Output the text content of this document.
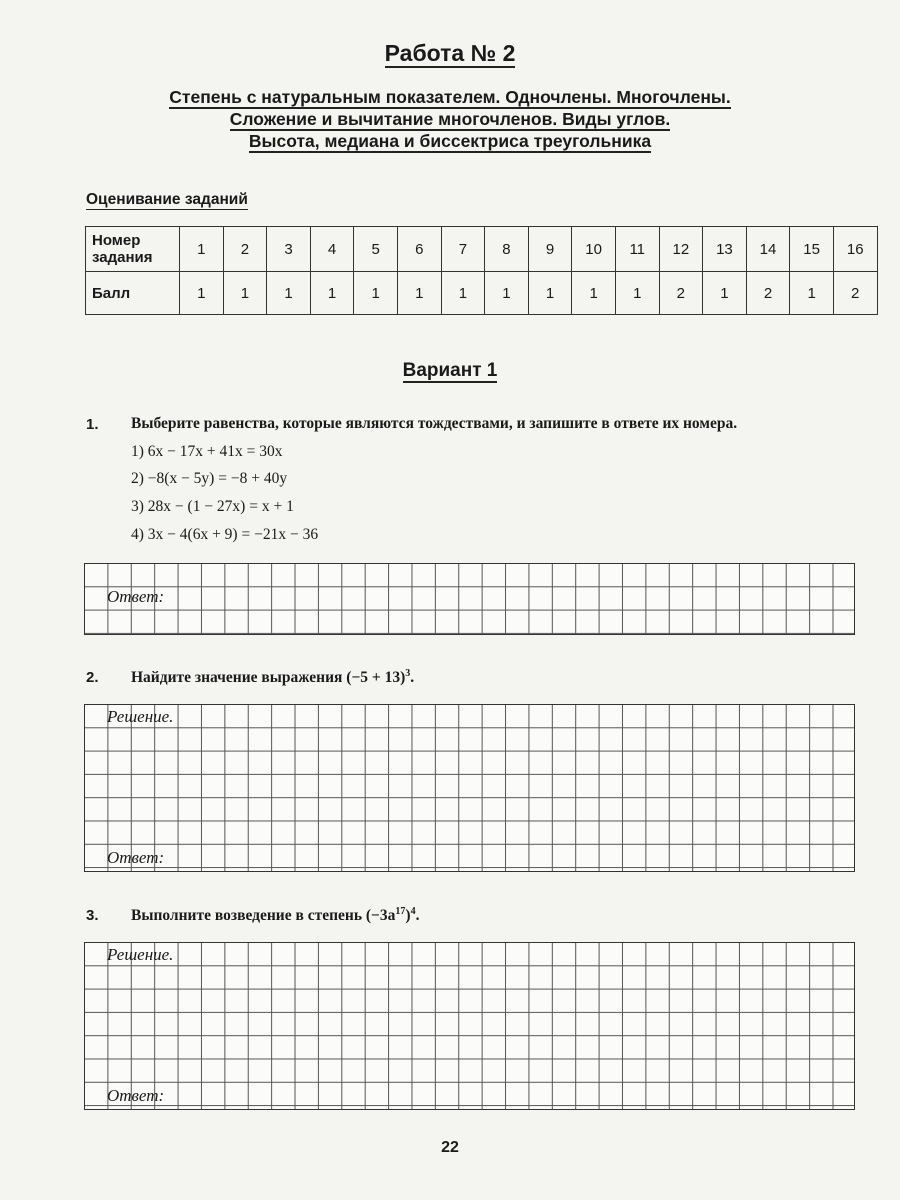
Работа № 2
Степень с натуральным показателем. Одночлены. Многочлены.
Сложение и вычитание многочленов. Виды углов.
Высота, медиана и биссектриса треугольника
Оценивание заданий
Номер задания	1	2	3	4	5	6	7	8	9	10	11	12	13	14	15	16
Балл	1	1	1	1	1	1	1	1	1	1	1	2	1	2	1	2
Вариант 1
1. Выберите равенства, которые являются тождествами, и запишите в ответе их номера.
1) 6x − 17x + 41x = 30x
2) −8(x − 5y) = −8 + 40y
3) 28x − (1 − 27x) = x + 1
4) 3x − 4(6x + 9) = −21x − 36
Ответ:
2. Найдите значение выражения $(-5 + 13)^3$.
Решение.
Ответ:
3. Выполните возведение в степень $(-3a^{17})^4$.
Решение.
Ответ:
22
